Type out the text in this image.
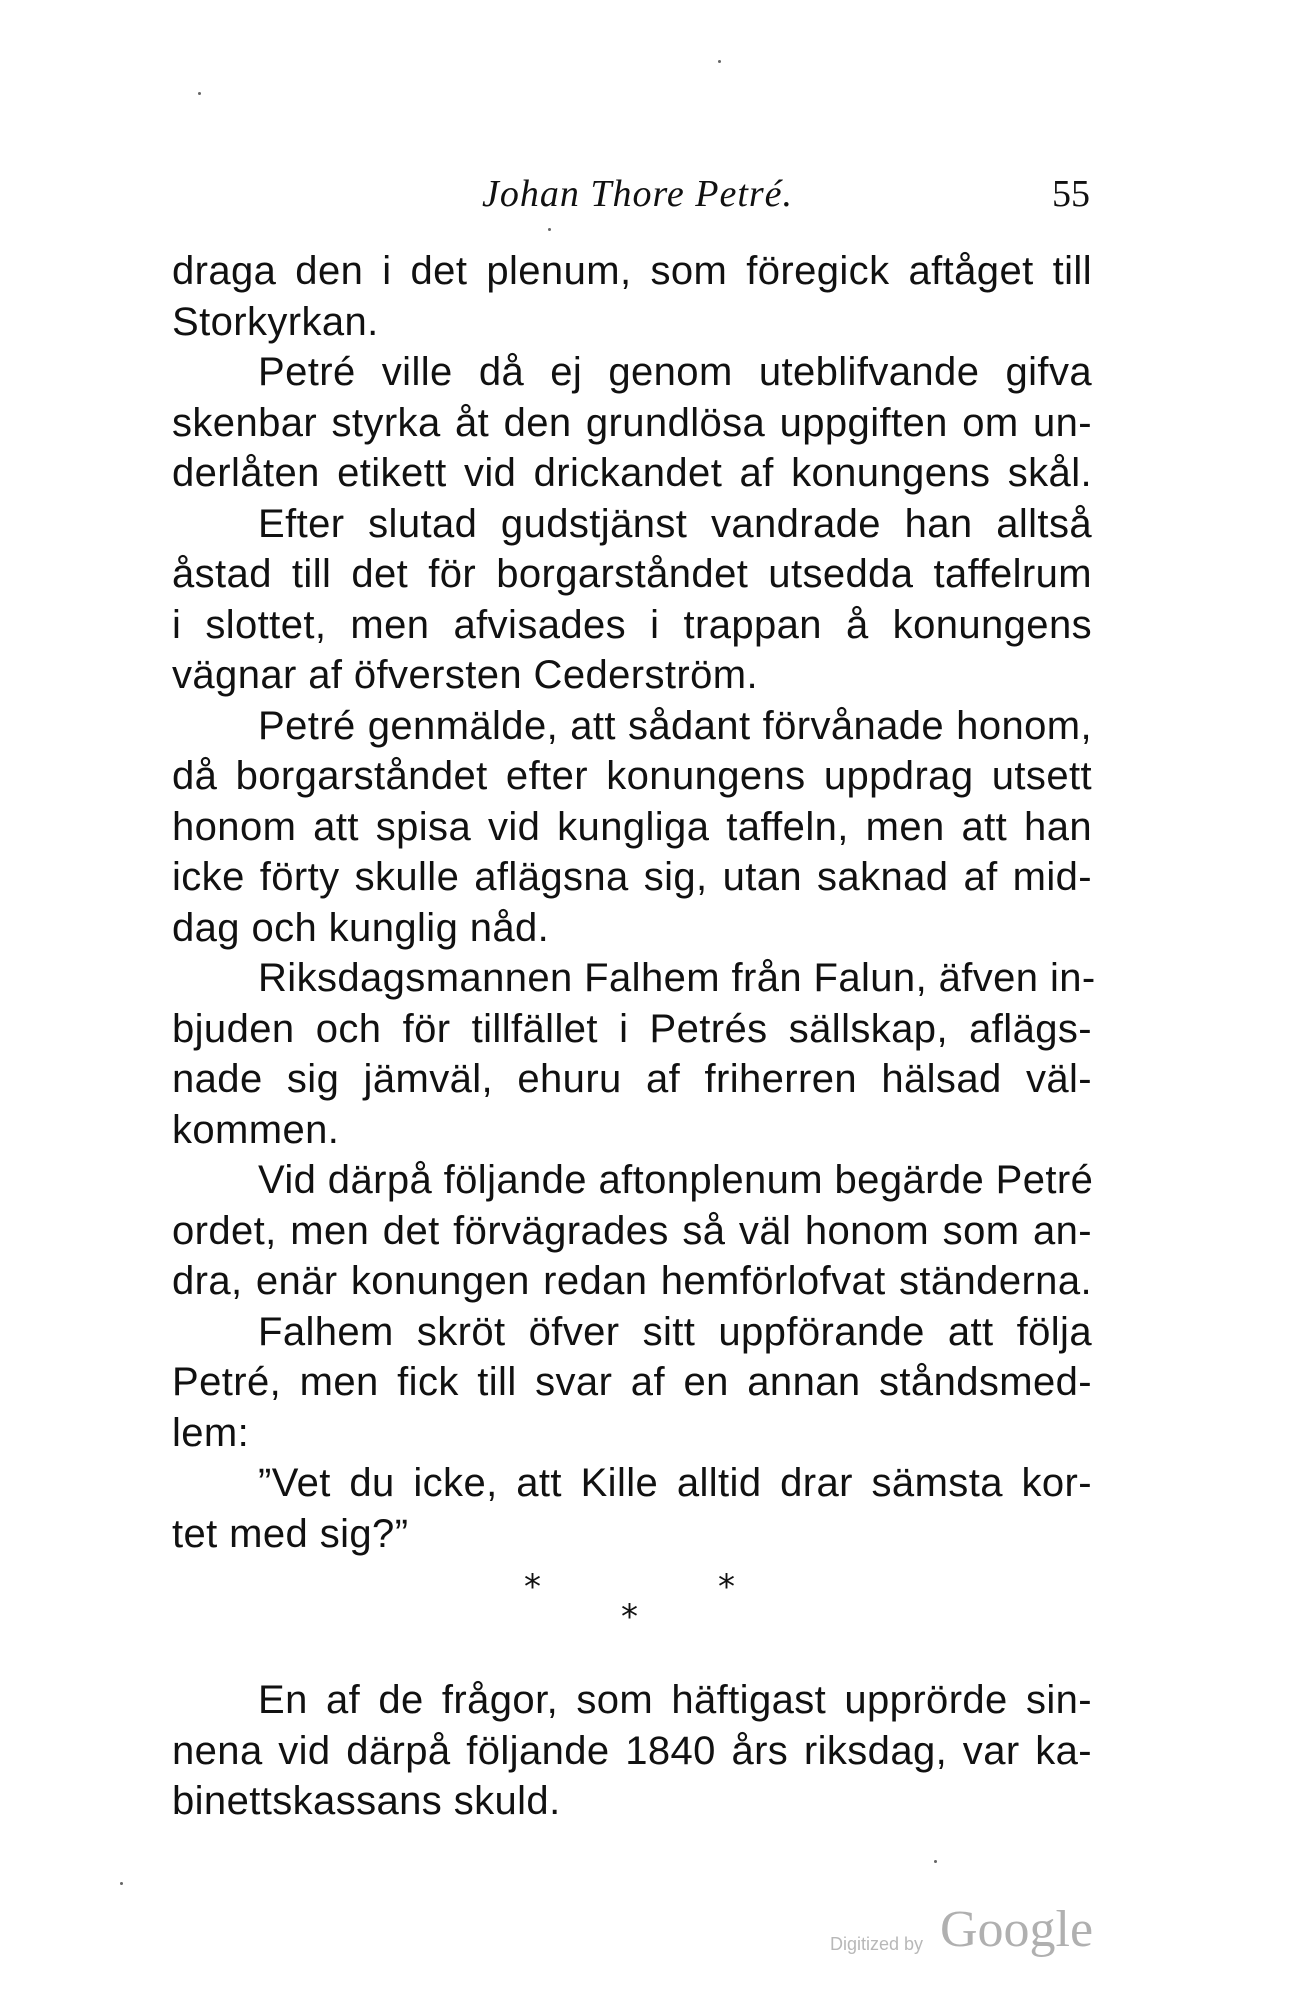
Johan Thore Petré.	55
draga den i det plenum, som föregick aftåget till
Storkyrkan.
Petré ville då ej genom uteblifvande gifva
skenbar styrka åt den grundlösa uppgiften om un-
derlåten etikett vid drickandet af konungens skål.
Efter slutad gudstjänst vandrade han alltså
åstad till det för borgarståndet utsedda taffelrum
i slottet, men afvisades i trappan å konungens
vägnar af öfversten Cederström.
Petré genmälde, att sådant förvånade honom,
då borgarståndet efter konungens uppdrag utsett
honom att spisa vid kungliga taffeln, men att han
icke förty skulle aflägsna sig, utan saknad af mid-
dag och kunglig nåd.
Riksdagsmannen Falhem från Falun, äfven in-
bjuden och för tillfället i Petrés sällskap, aflägs-
nade sig jämväl, ehuru af friherren hälsad väl-
kommen.
Vid därpå följande aftonplenum begärde Petré
ordet, men det förvägrades så väl honom som an-
dra, enär konungen redan hemförlofvat ständerna.
Falhem skröt öfver sitt uppförande att följa
Petré, men fick till svar af en annan ståndsmed-
lem:
”Vet du icke, att Kille alltid drar sämsta kor-
tet med sig?”
*
*
*
En af de frågor, som häftigast upprörde sin-
nena vid därpå följande 1840 års riksdag, var ka-
binettskassans skuld.
Digitized by Google
